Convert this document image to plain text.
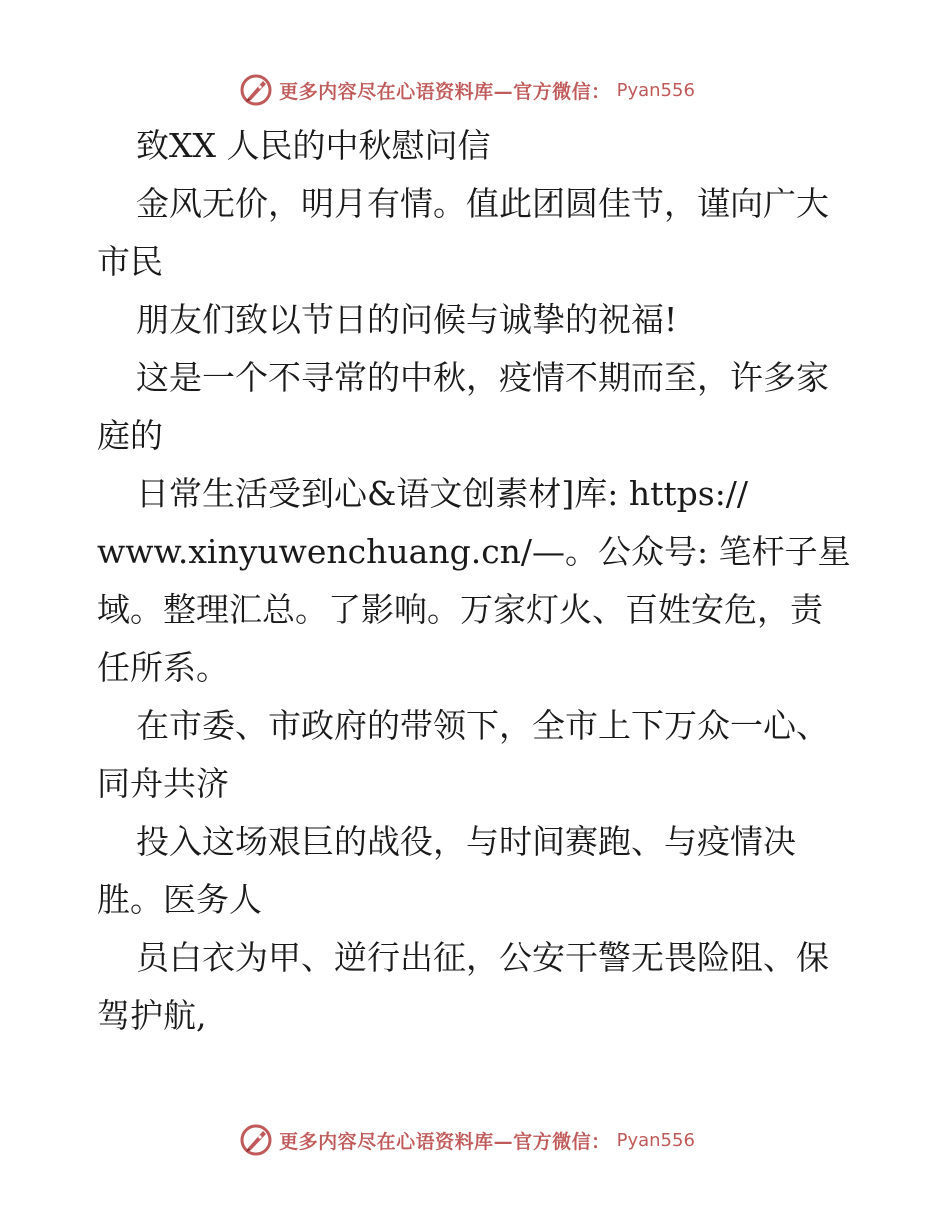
更多内容尽在心语资料库—官方微信： Pyan556
致XX 人民的中秋慰问信
金风无价，明月有情。值此团圆佳节，谨向广大
市民
朋友们致以节日的问候与诚挚的祝福!
这是一个不寻常的中秋，疫情不期而至，许多家
庭的
日常生活受到心&语文创素材]库: https://
www.xinyuwenchuang.cn/—。公众号: 笔杆子星
域。整理汇总。了影响。万家灯火、百姓安危，责
任所系。
在市委、市政府的带领下，全市上下万众一心、
同舟共济
投入这场艰巨的战役，与时间赛跑、与疫情决
胜。医务人
员白衣为甲、逆行出征，公安干警无畏险阻、保
驾护航,
更多内容尽在心语资料库—官方微信： Pyan556
